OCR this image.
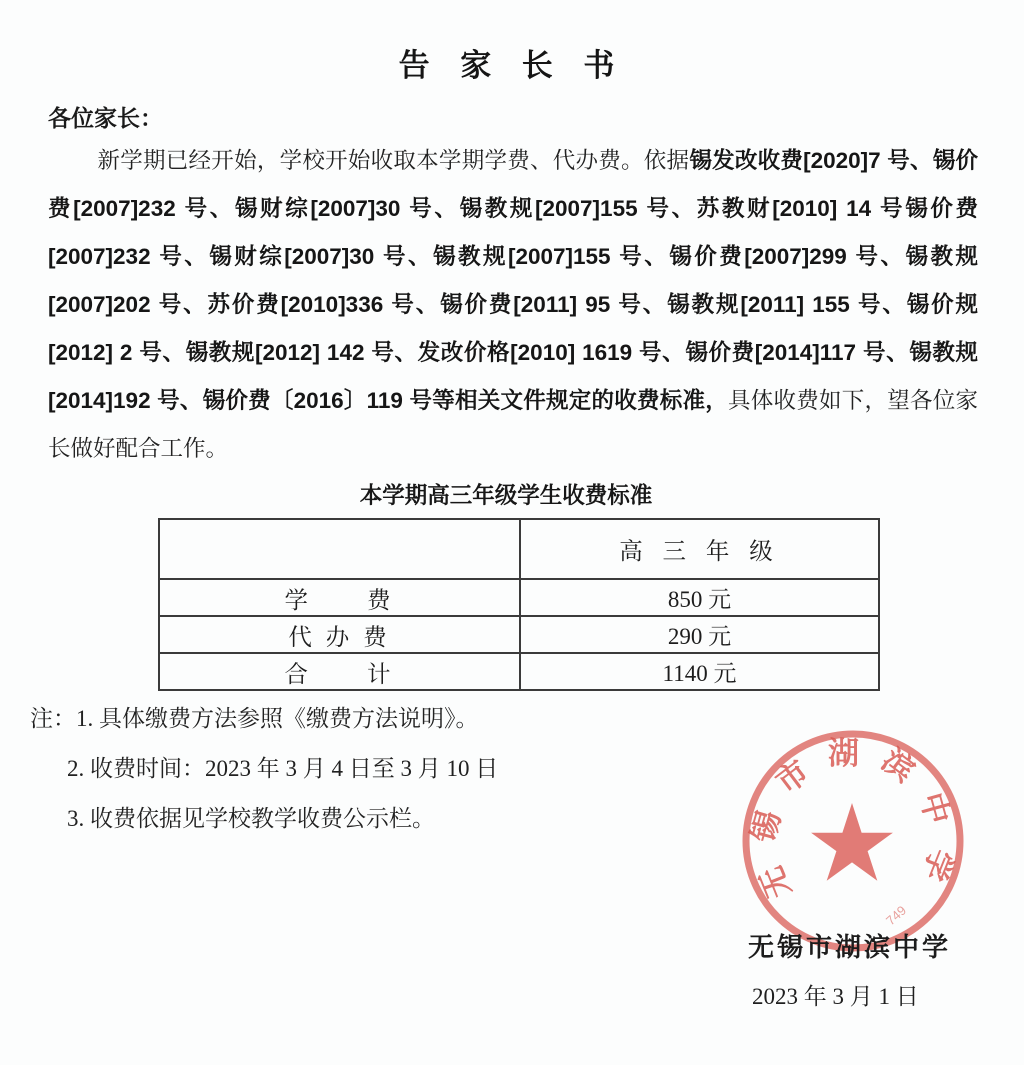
告 家 长 书
各位家长：
新学期已经开始，学校开始收取本学期学费、代办费。依据锡发改收费[2020]7 号、锡价费[2007]232 号、锡财综[2007]30 号、锡教规[2007]155 号、苏教财[2010] 14 号锡价费[2007]232 号、锡财综[2007]30 号、锡教规[2007]155 号、锡价费[2007]299 号、锡教规[2007]202 号、苏价费[2010]336 号、锡价费[2011] 95 号、锡教规[2011] 155 号、锡价规[2012] 2 号、锡教规[2012] 142 号、发改价格[2010] 1619 号、锡价费[2014]117 号、锡教规[2014]192 号、锡价费〔2016〕119 号等相关文件规定的收费标准，具体收费如下，望各位家长做好配合工作。
本学期高三年级学生收费标准
	高 三 年 级
学　　费	850 元
代 办 费	290 元
合　　计	1140 元
注：1. 具体缴费方法参照《缴费方法说明》。
2. 收费时间：2023 年 3 月 4 日至 3 月 10 日
3. 收费依据见学校教学收费公示栏。
无锡市湖滨中学
749
无锡市湖滨中学
2023 年 3 月 1 日
